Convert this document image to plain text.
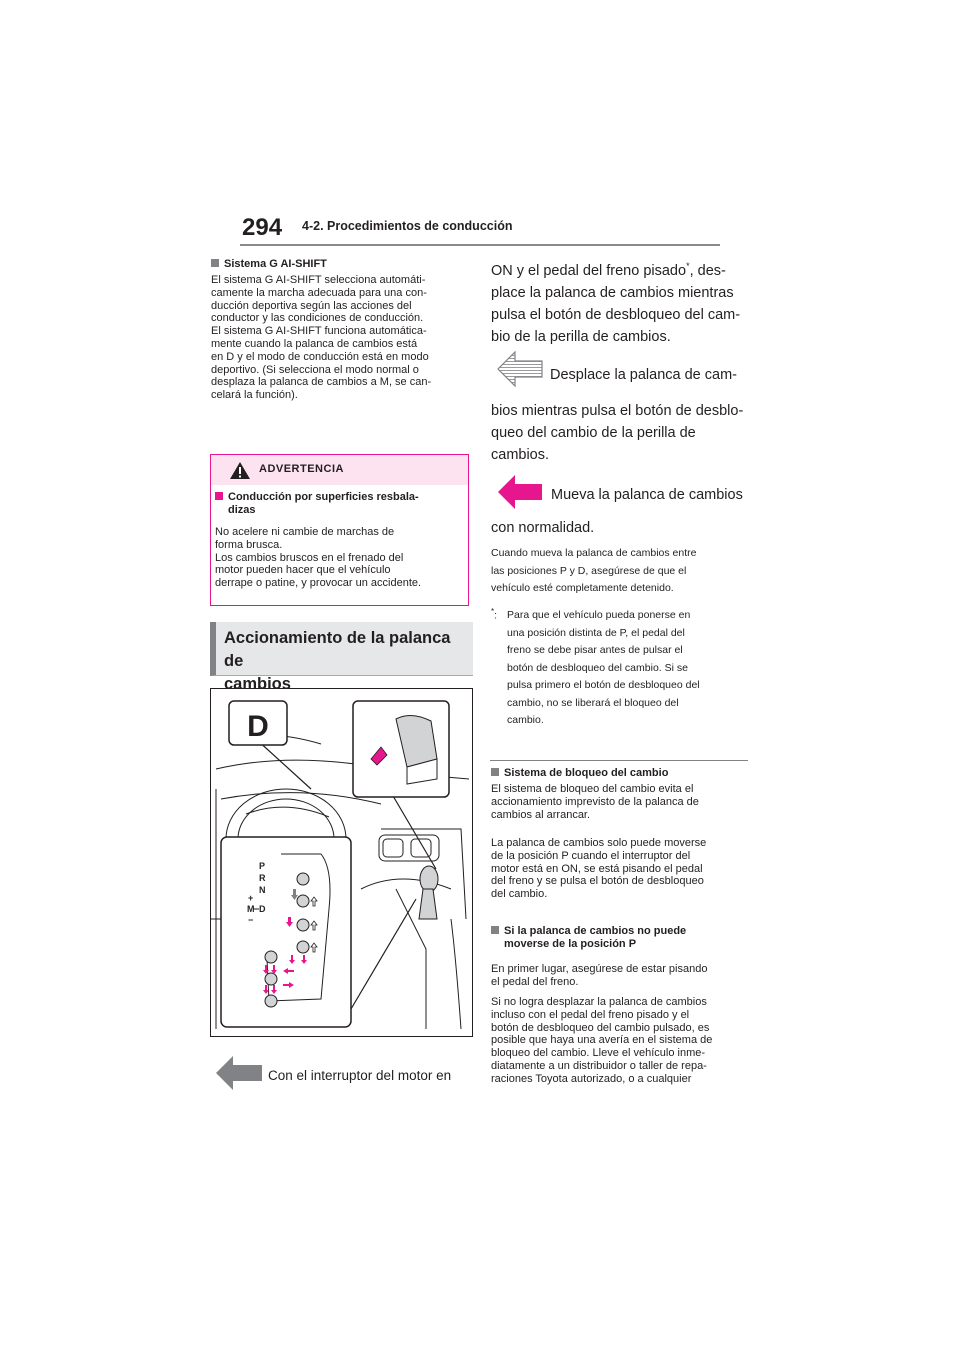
294 4-2. Procedimientos de conducción
Sistema G AI-SHIFT
El sistema G AI-SHIFT selecciona automáti-
camente la marcha adecuada para una con-
ducción deportiva según las acciones del
conductor y las condiciones de conducción.
El sistema G AI-SHIFT funciona automática-
mente cuando la palanca de cambios está
en D y el modo de conducción está en modo
deportivo. (Si selecciona el modo normal o
desplaza la palanca de cambios a M, se can-
celará la función).
ADVERTENCIA
Conducción por superficies resbala-
dizas
No acelere ni cambie de marchas de
forma brusca.
Los cambios bruscos en el frenado del
motor pueden hacer que el vehículo
derrape o patine, y provocar un accidente.
Accionamiento de la palanca de
cambios
D
P
R
N
D
+
M
−
Con el interruptor del motor en
ON y el pedal del freno pisado*, des-
place la palanca de cambios mientras
pulsa el botón de desbloqueo del cam-
bio de la perilla de cambios.
Desplace la palanca de cam-
bios mientras pulsa el botón de desblo-
queo del cambio de la perilla de
cambios.
Mueva la palanca de cambios
con normalidad.
Cuando mueva la palanca de cambios entre
las posiciones P y D, asegúrese de que el
vehículo esté completamente detenido.
*: Para que el vehículo pueda ponerse en
una posición distinta de P, el pedal del
freno se debe pisar antes de pulsar el
botón de desbloqueo del cambio. Si se
pulsa primero el botón de desbloqueo del
cambio, no se liberará el bloqueo del
cambio.
Sistema de bloqueo del cambio
El sistema de bloqueo del cambio evita el
accionamiento imprevisto de la palanca de
cambios al arrancar.
La palanca de cambios solo puede moverse
de la posición P cuando el interruptor del
motor está en ON, se está pisando el pedal
del freno y se pulsa el botón de desbloqueo
del cambio.
Si la palanca de cambios no puede
moverse de la posición P
En primer lugar, asegúrese de estar pisando
el pedal del freno.
Si no logra desplazar la palanca de cambios
incluso con el pedal del freno pisado y el
botón de desbloqueo del cambio pulsado, es
posible que haya una avería en el sistema de
bloqueo del cambio. Lleve el vehículo inme-
diatamente a un distribuidor o taller de repa-
raciones Toyota autorizado, o a cualquier
